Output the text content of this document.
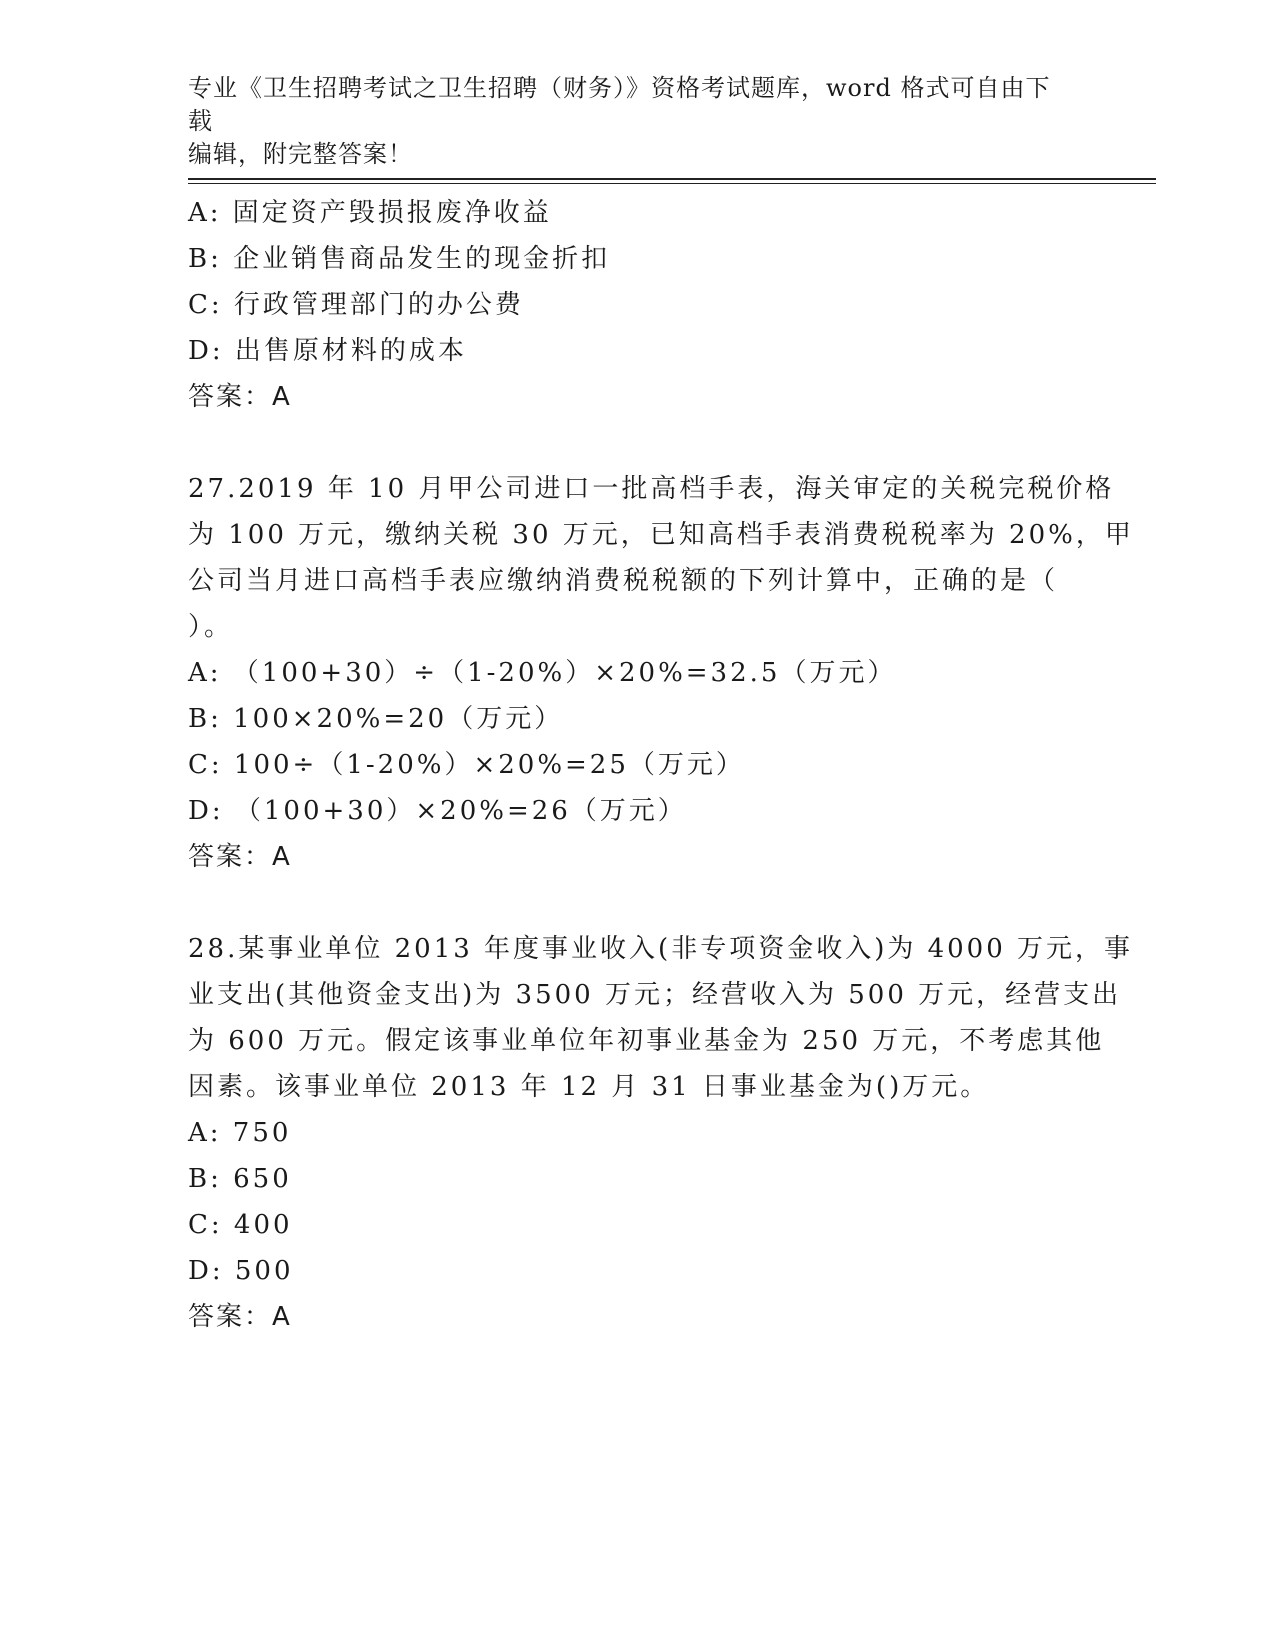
专业《卫生招聘考试之卫生招聘（财务）》资格考试题库，word 格式可自由下载
编辑，附完整答案！
A: 固定资产毁损报废净收益
B: 企业销售商品发生的现金折扣
C: 行政管理部门的办公费
D: 出售原材料的成本
答案：A
27.2019 年 10 月甲公司进口一批高档手表，海关审定的关税完税价格
为 100 万元，缴纳关税 30 万元，已知高档手表消费税税率为 20%，甲
公司当月进口高档手表应缴纳消费税税额的下列计算中，正确的是（
）。
A: （100+30）÷（1-20%）×20%=32.5（万元）
B: 100×20%=20（万元）
C: 100÷（1-20%）×20%=25（万元）
D: （100+30）×20%=26（万元）
答案：A
28.某事业单位 2013 年度事业收入(非专项资金收入)为 4000 万元，事
业支出(其他资金支出)为 3500 万元；经营收入为 500 万元，经营支出
为 600 万元。假定该事业单位年初事业基金为 250 万元，不考虑其他
因素。该事业单位 2013 年 12 月 31 日事业基金为()万元。
A: 750
B: 650
C: 400
D: 500
答案：A
